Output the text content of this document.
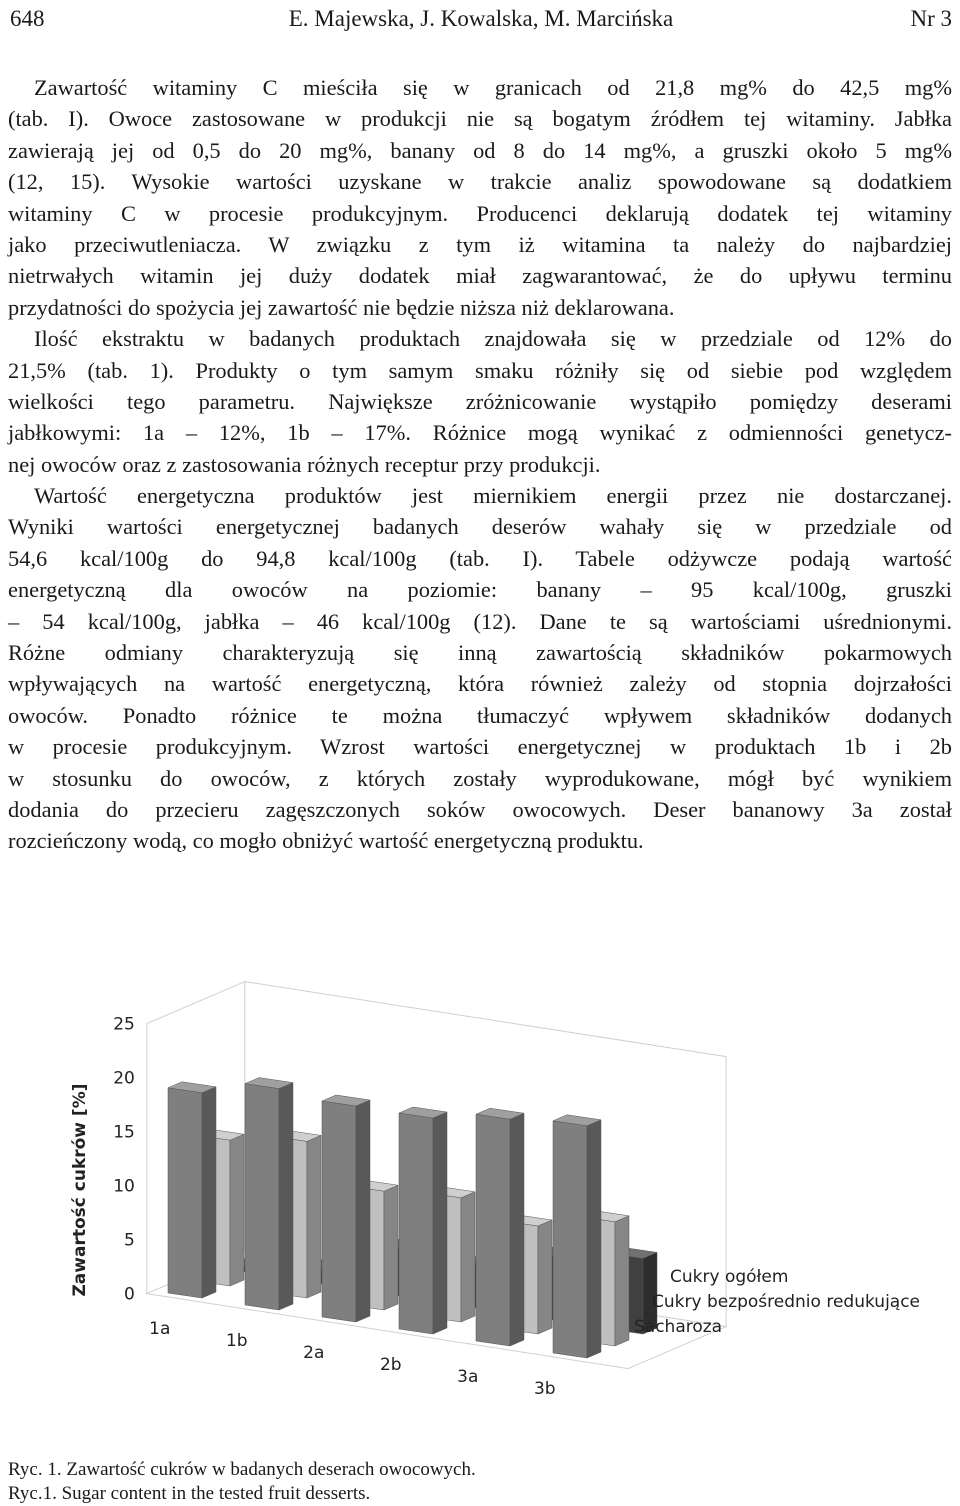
648	E. Majewska, J. Kowalska, M. Marcińska	Nr 3
Zawartość witaminy C mieściła się w granicach od 21,8 mg% do 42,5 mg%
(tab. I). Owoce zastosowane w produkcji nie są bogatym źródłem tej witaminy. Jabłka
zawierają jej od 0,5 do 20 mg%, banany od 8 do 14 mg%, a gruszki około 5 mg%
(12, 15). Wysokie wartości uzyskane w trakcie analiz spowodowane są dodatkiem
witaminy C w procesie produkcyjnym. Producenci deklarują dodatek tej witaminy
jako przeciwutleniacza. W związku z tym iż witamina ta należy do najbardziej
nietrwałych witamin jej duży dodatek miał zagwarantować, że do upływu terminu
przydatności do spożycia jej zawartość nie będzie niższa niż deklarowana.
Ilość ekstraktu w badanych produktach znajdowała się w przedziale od 12% do
21,5% (tab. 1). Produkty o tym samym smaku różniły się od siebie pod względem
wielkości tego parametru. Największe zróżnicowanie wystąpiło pomiędzy deserami
jabłkowymi: 1a – 12%, 1b – 17%. Różnice mogą wynikać z odmienności genetycz-
nej owoców oraz z zastosowania różnych receptur przy produkcji.
Wartość energetyczna produktów jest miernikiem energii przez nie dostarczanej.
Wyniki wartości energetycznej badanych deserów wahały się w przedziale od
54,6 kcal/100g do 94,8 kcal/100g (tab. I). Tabele odżywcze podają wartość
energetyczną dla owoców na poziomie: banany – 95 kcal/100g, gruszki
– 54 kcal/100g, jabłka – 46 kcal/100g (12). Dane te są wartościami uśrednionymi.
Różne odmiany charakteryzują się inną zawartością składników pokarmowych
wpływających na wartość energetyczną, która również zależy od stopnia dojrzałości
owoców. Ponadto różnice te można tłumaczyć wpływem składników dodanych
w procesie produkcyjnym. Wzrost wartości energetycznej w produktach 1b i 2b
w stosunku do owoców, z których zostały wyprodukowane, mógł być wynikiem
dodania do przecieru zagęszczonych soków owocowych. Deser bananowy 3a został
rozcieńczony wodą, co mogło obniżyć wartość energetyczną produktu.
0
5
10
15
20
25
1a
1b
2a
2b
3a
3b
Cukry ogółem
Cukry bezpośrednio redukujące
Sacharoza
Zawartość cukrów [%]
Ryc. 1. Zawartość cukrów w badanych deserach owocowych.
Ryc.1. Sugar content in the tested fruit desserts.
